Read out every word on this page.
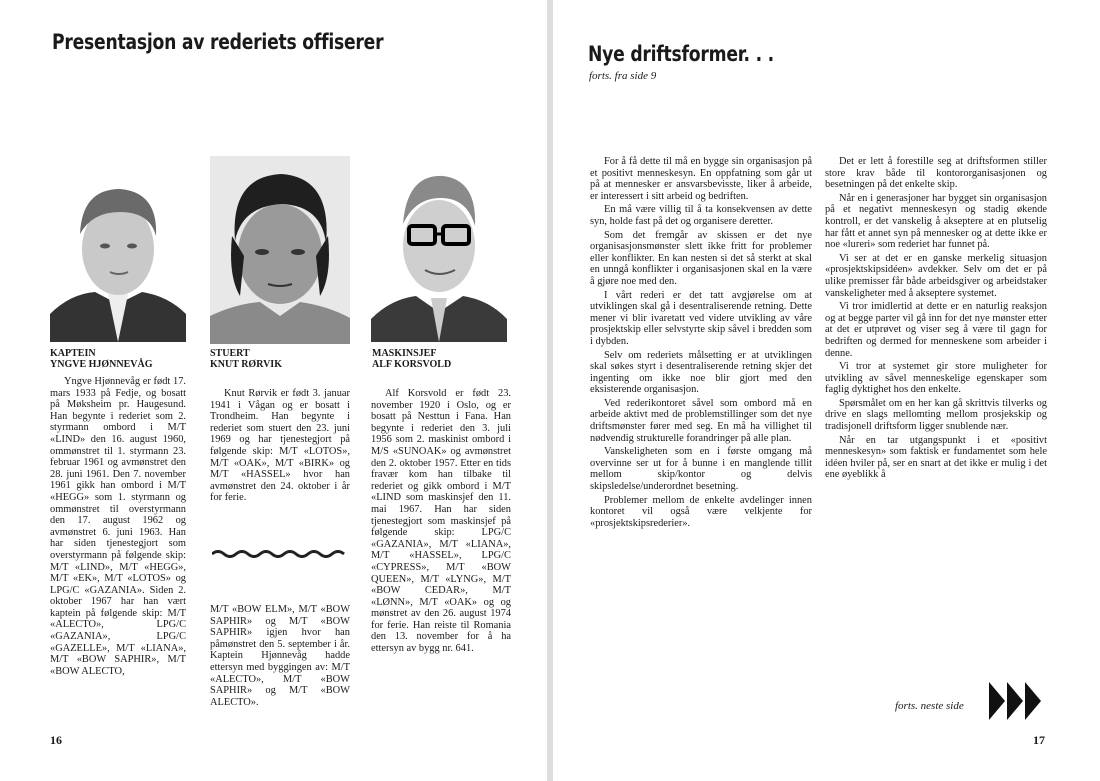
Presentasjon av rederiets offiserer
KAPTEIN
YNGVE HJØNNEVÅG

Yngve Hjønnevåg er født 17. mars 1933 på Fedje, og bosatt på Møksheim pr. Haugesund. Han begynte i rederiet som 2. styrmann ombord i M/T «LIND» den 16. august 1960, ommønstret til 1. styrmann 23. februar 1961 og avmønstret den 28. juni 1961. Den 7. november 1961 gikk han ombord i M/T «HEGG» som 1. styrmann og ommønstret til overstyrmann den 17. august 1962 og avmønstret 6. juni 1963. Han har siden tjenestegjort som overstyrmann på følgende skip: M/T «LIND», M/T «HEGG», M/T «EK», M/T «LOTOS» og LPG/C «GAZANIA». Siden 2. oktober 1967 har han vært kaptein på følgende skip: M/T «ALECTO», LPG/C «GAZANIA», LPG/C «GAZELLE», M/T «LIANA», M/T «BOW SAPHIR», M/T «BOW ALECTO,

STUERT
KNUT RØRVIK

Knut Rørvik er født 3. januar 1941 i Vågan og er bosatt i Trondheim. Han begynte i rederiet som stuert den 23. juni 1969 og har tjenestegjort på følgende skip: M/T «LOTOS», M/T «OAK», M/T «BIRK» og M/T «HASSEL» hvor han avmønstret den 24. oktober i år for ferie.

M/T «BOW ELM», M/T «BOW SAPHIR» og M/T «BOW SAPHIR» igjen hvor han påmønstret den 5. september i år. Kaptein Hjønnevåg hadde ettersyn med byggingen av: M/T «ALECTO», M/T «BOW SAPHIR» og M/T «BOW ALECTO».

MASKINSJEF
ALF KORSVOLD

Alf Korsvold er født 23. november 1920 i Oslo, og er bosatt på Nesttun i Fana. Han begynte i rederiet den 3. juli 1956 som 2. maskinist ombord i M/S «SUNOAK» og avmønstret den 2. oktober 1957. Etter en tids fravær kom han tilbake til rederiet og gikk ombord i M/T «LIND som maskinsjef den 11. mai 1967. Han har siden tjenestegjort som maskinsjef på følgende skip: LPG/C «GAZANIA», M/T «LIANA», M/T «HASSEL», LPG/C «CYPRESS», M/T «BOW QUEEN», M/T «LYNG», M/T «BOW CEDAR», M/T «LØNN», M/T «OAK» og og mønstret av den 26. august 1974 for ferie. Han reiste til Romania den 13. november for å ha ettersyn av bygg nr. 641.

16
Nye driftsformer. . .
forts. fra side 9

For å få dette til må en bygge sin organisasjon på et positivt menneskesyn. En oppfatning som går ut på at mennesker er ansvarsbevisste, liker å arbeide, er interessert i sitt arbeid og bedriften.

En må være villig til å ta konsekvensen av dette syn, holde fast på det og organisere deretter.

Som det fremgår av skissen er det nye organisasjonsmønster slett ikke fritt for problemer eller konflikter. En kan nesten si det så sterkt at skal en unngå konflikter i organisasjonen skal en la være å gjøre noe med den.

I vårt rederi er det tatt avgjørelse om at utviklingen skal gå i desentraliserende retning. Dette mener vi blir ivaretatt ved videre utvikling av våre prosjektskip eller selvstyrte skip såvel i bredden som i dybden.

Selv om rederiets målsetting er at utviklingen skal søkes styrt i desentraliserende retning skjer det ingenting om ikke noe blir gjort med den eksisterende organisasjon.

Ved rederikontoret såvel som ombord må en arbeide aktivt med de problemstillinger som det nye driftsmønster fører med seg. En må ha villighet til nødvendig strukturelle forandringer på alle plan.

Vanskeligheten som en i første omgang må overvinne ser ut for å bunne i en manglende tillit mellom skip/kontor og delvis skipsledelse/underordnet besetning.

Problemer mellom de enkelte avdelinger innen kontoret vil også være velkjente for «prosjektskipsrederier».

Det er lett å forestille seg at driftsformen stiller store krav både til kontororganisasjonen og besetningen på det enkelte skip.

Når en i generasjoner har bygget sin organisasjon på et negativt menneskesyn og stadig økende kontroll, er det vanskelig å akseptere at en plutselig har fått et annet syn på mennesker og at dette ikke er noe «lureri» som rederiet har funnet på.

Vi ser at det er en ganske merkelig situasjon «prosjektskipsidéen» avdekker. Selv om det er på ulike premisser får både arbeidsgiver og arbeidstaker vanskeligheter med å akseptere systemet.

Vi tror imidlertid at dette er en naturlig reaksjon og at begge parter vil gå inn for det nye mønster etter at det er utprøvet og viser seg å være til gagn for bedriften og dermed for menneskene som arbeider i denne.

Vi tror at systemet gir store muligheter for utvikling av såvel menneskelige egenskaper som faglig dyktighet hos den enkelte.

Spørsmålet om en her kan gå skrittvis tilverks og drive en slags mellomting mellom prosjekskip og tradisjonell driftsform ligger snublende nær.

Når en tar utgangspunkt i et «positivt menneskesyn» som faktisk er fundamentet som hele idéen hviler på, ser en snart at det ikke er mulig i det ene øyeblikk å

forts. neste side
17
